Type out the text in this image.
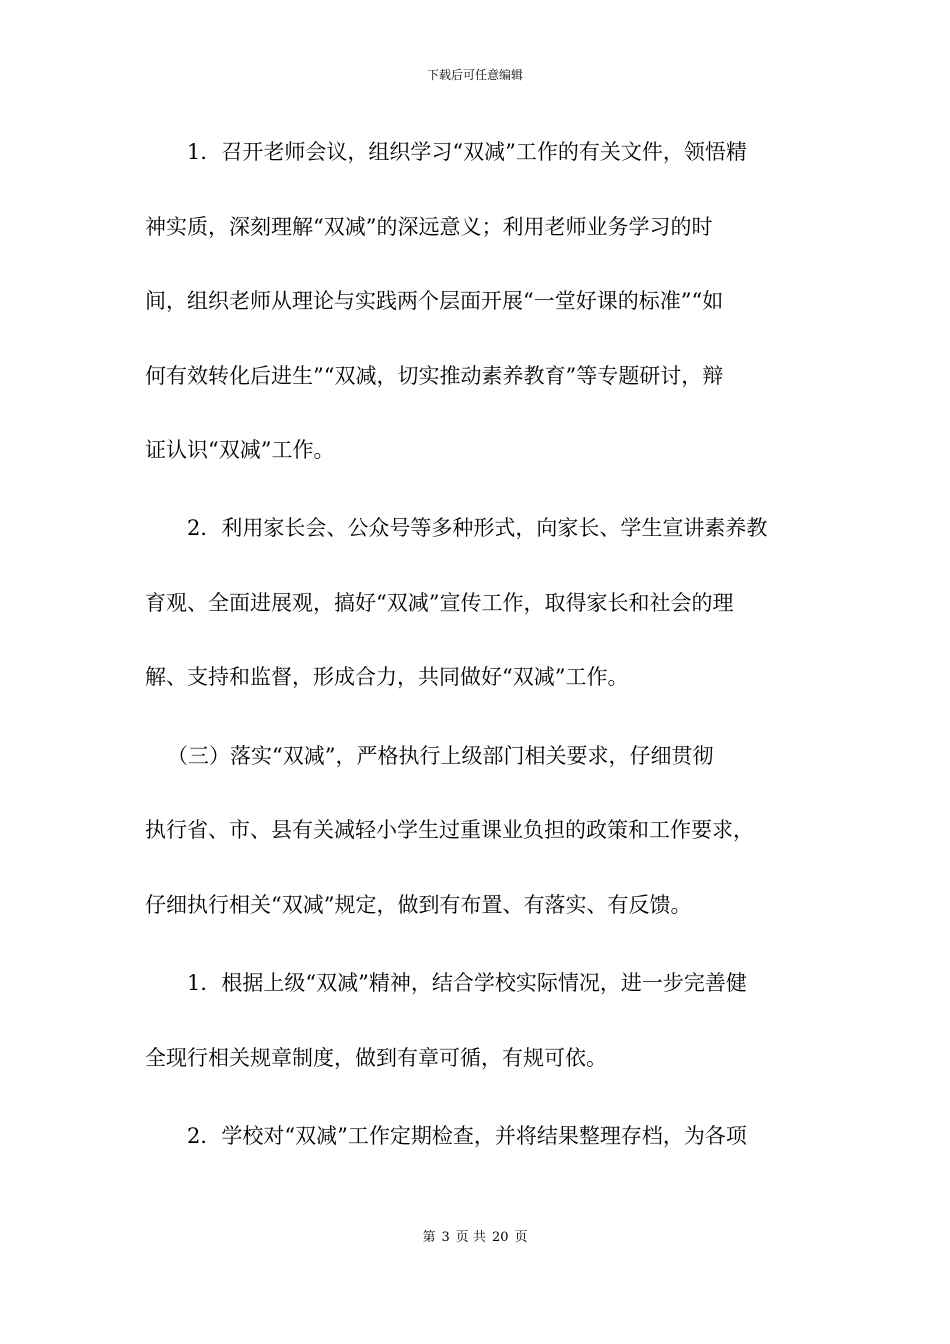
下载后可任意编辑
1．召开老师会议，组织学习“双减”工作的有关文件，领悟精
神实质，深刻理解“双减”的深远意义；利用老师业务学习的时
间，组织老师从理论与实践两个层面开展“一堂好课的标准”“如
何有效转化后进生”“双减，切实推动素养教育”等专题研讨，辩
证认识“双减”工作。
2．利用家长会、公众号等多种形式，向家长、学生宣讲素养教
育观、全面进展观，搞好“双减”宣传工作，取得家长和社会的理
解、支持和监督，形成合力，共同做好“双减”工作。
（三）落实“双减”，严格执行上级部门相关要求，仔细贯彻
执行省、市、县有关减轻小学生过重课业负担的政策和工作要求，
仔细执行相关“双减”规定，做到有布置、有落实、有反馈。
1．根据上级“双减”精神，结合学校实际情况，进一步完善健
全现行相关规章制度，做到有章可循，有规可依。
2．学校对“双减”工作定期检查，并将结果整理存档，为各项
第 3 页 共 20 页
